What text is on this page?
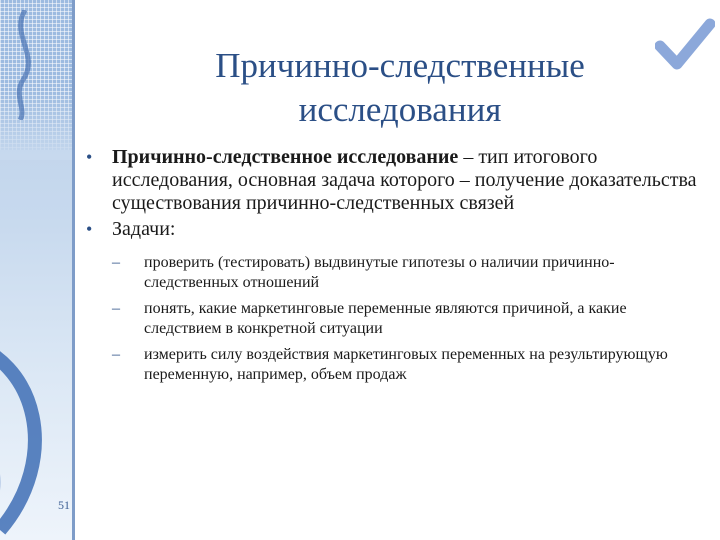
51
Причинно-следственные
исследования
• Причинно-следственное исследование – тип итогового исследования, основная задача которого – получение доказательства существования причинно-следственных связей
• Задачи:
– проверить (тестировать) выдвинутые гипотезы о наличии причинно-следственных отношений
– понять, какие маркетинговые переменные являются причиной, а какие следствием в конкретной ситуации
– измерить силу воздействия маркетинговых переменных на результирующую переменную, например, объем продаж
